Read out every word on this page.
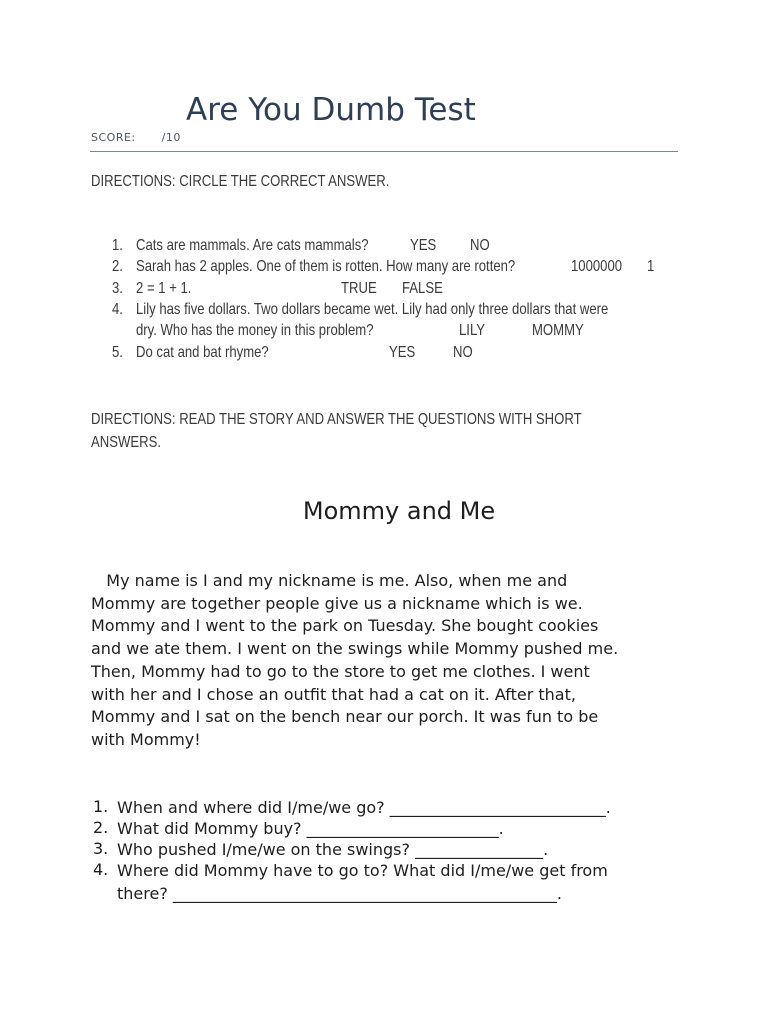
Are You Dumb Test
SCORE: /10
DIRECTIONS: CIRCLE THE CORRECT ANSWER.
1. Cats are mammals. Are cats mammals?	YES NO
2. Sarah has 2 apples. One of them is rotten. How many are rotten?	1000000 1
3. 2 = 1 + 1.	TRUE FALSE
4. Lily has five dollars. Two dollars became wet. Lily had only three dollars that were
dry. Who has the money in this problem?	LILY	MOMMY
5. Do cat and bat rhyme?	YES NO
DIRECTIONS: READ THE STORY AND ANSWER THE QUESTIONS WITH SHORT
ANSWERS.
Mommy and Me
My name is I and my nickname is me. Also, when me and
Mommy are together people give us a nickname which is we.
Mommy and I went to the park on Tuesday. She bought cookies
and we ate them. I went on the swings while Mommy pushed me.
Then, Mommy had to go to the store to get me clothes. I went
with her and I chose an outfit that had a cat on it. After that,
Mommy and I sat on the bench near our porch. It was fun to be
with Mommy!
1. When and where did I/me/we go? ___________________________.
2. What did Mommy buy? ________________________.
3. Who pushed I/me/we on the swings? ________________.
4. Where did Mommy have to go to? What did I/me/we get from
there? ________________________________________________.
